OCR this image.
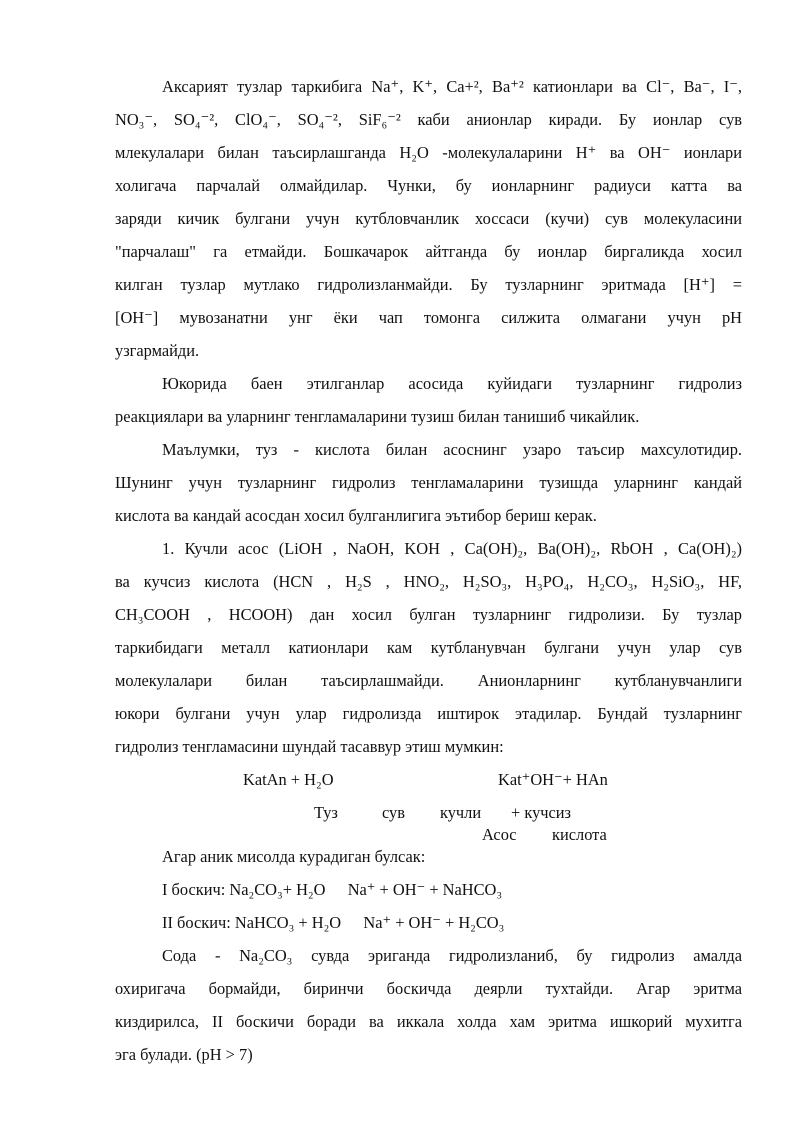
Аксарият тузлар таркибига Na⁺, K⁺, Ca+², Ba⁺² катионлари ва Cl⁻, Ba⁻, I⁻,
NO₃⁻, SO₄⁻², ClO₄⁻, SO₄⁻², SiF₆⁻² каби анионлар киради. Бу ионлар сув
млекулалари билан таъсирлашганда H₂O -молекулаларини H⁺ ва OH⁻ ионлари
холигача парчалай олмайдилар. Чунки, бу ионларнинг радиуси катта ва
заряди кичик булгани учун кутбловчанлик хоссаси (кучи) сув молекуласини
"парчалаш" га етмайди. Бошкачарок айтганда бу ионлар биргаликда хосил
килган тузлар мутлако гидролизланмайди. Бу тузларнинг эритмада [H⁺] =
[OH⁻] мувозанатни унг ёки чап томонга силжита олмагани учун pH
узгармайди.
Юкорида баен этилганлар асосида куйидаги тузларнинг гидролиз
реакциялари ва уларнинг тенгламаларини тузиш билан танишиб чикайлик.
Маълумки, туз - кислота билан асоснинг узаро таъсир махсулотидир.
Шунинг учун тузларнинг гидролиз тенгламаларини тузишда уларнинг кандай
кислота ва кандай асосдан хосил булганлигига эътибор бериш керак.
1. Кучли асос (LiOH , NaOH, KOH , Ca(OH)₂, Ba(OH)₂, RbOH , Ca(OH)₂)
ва кучсиз кислота (HCN , H₂S , HNO₂, H₂SO₃, H₃PO₄, H₂CO₃, H₂SiO₃, HF,
CH₃COOH , HCOOH) дан хосил булган тузларнинг гидролизи. Бу тузлар
таркибидаги металл катионлари кам кутбланувчан булгани учун улар сув
молекулалари билан таъсирлашмайди. Анионларнинг кутбланувчанлиги
юкори булгани учун улар гидролизда иштирок этадилар. Бундай тузларнинг
гидролиз тенгламасини шундай тасаввур этиш мумкин:
KatAn + H₂O	Kat⁺OH⁻+ HAn
Туз	сув кучли + кучсиз
Асос кислота
Агар аник мисолда курадиган булсак:
I боскич: Na₂CO₃+ H₂O Na⁺ + OH⁻ + NaHCO₃
II боскич: NaHCO₃ + H₂O Na⁺ + OH⁻ + H₂CO₃
Сода - Na₂CO₃ сувда эриганда гидролизланиб, бу гидролиз амалда
охиригача бормайди, биринчи боскичда деярли тухтайди. Агар эритма
киздирилса, II боскичи боради ва иккала холда хам эритма ишкорий мухитга
эга булади. (pH > 7)
